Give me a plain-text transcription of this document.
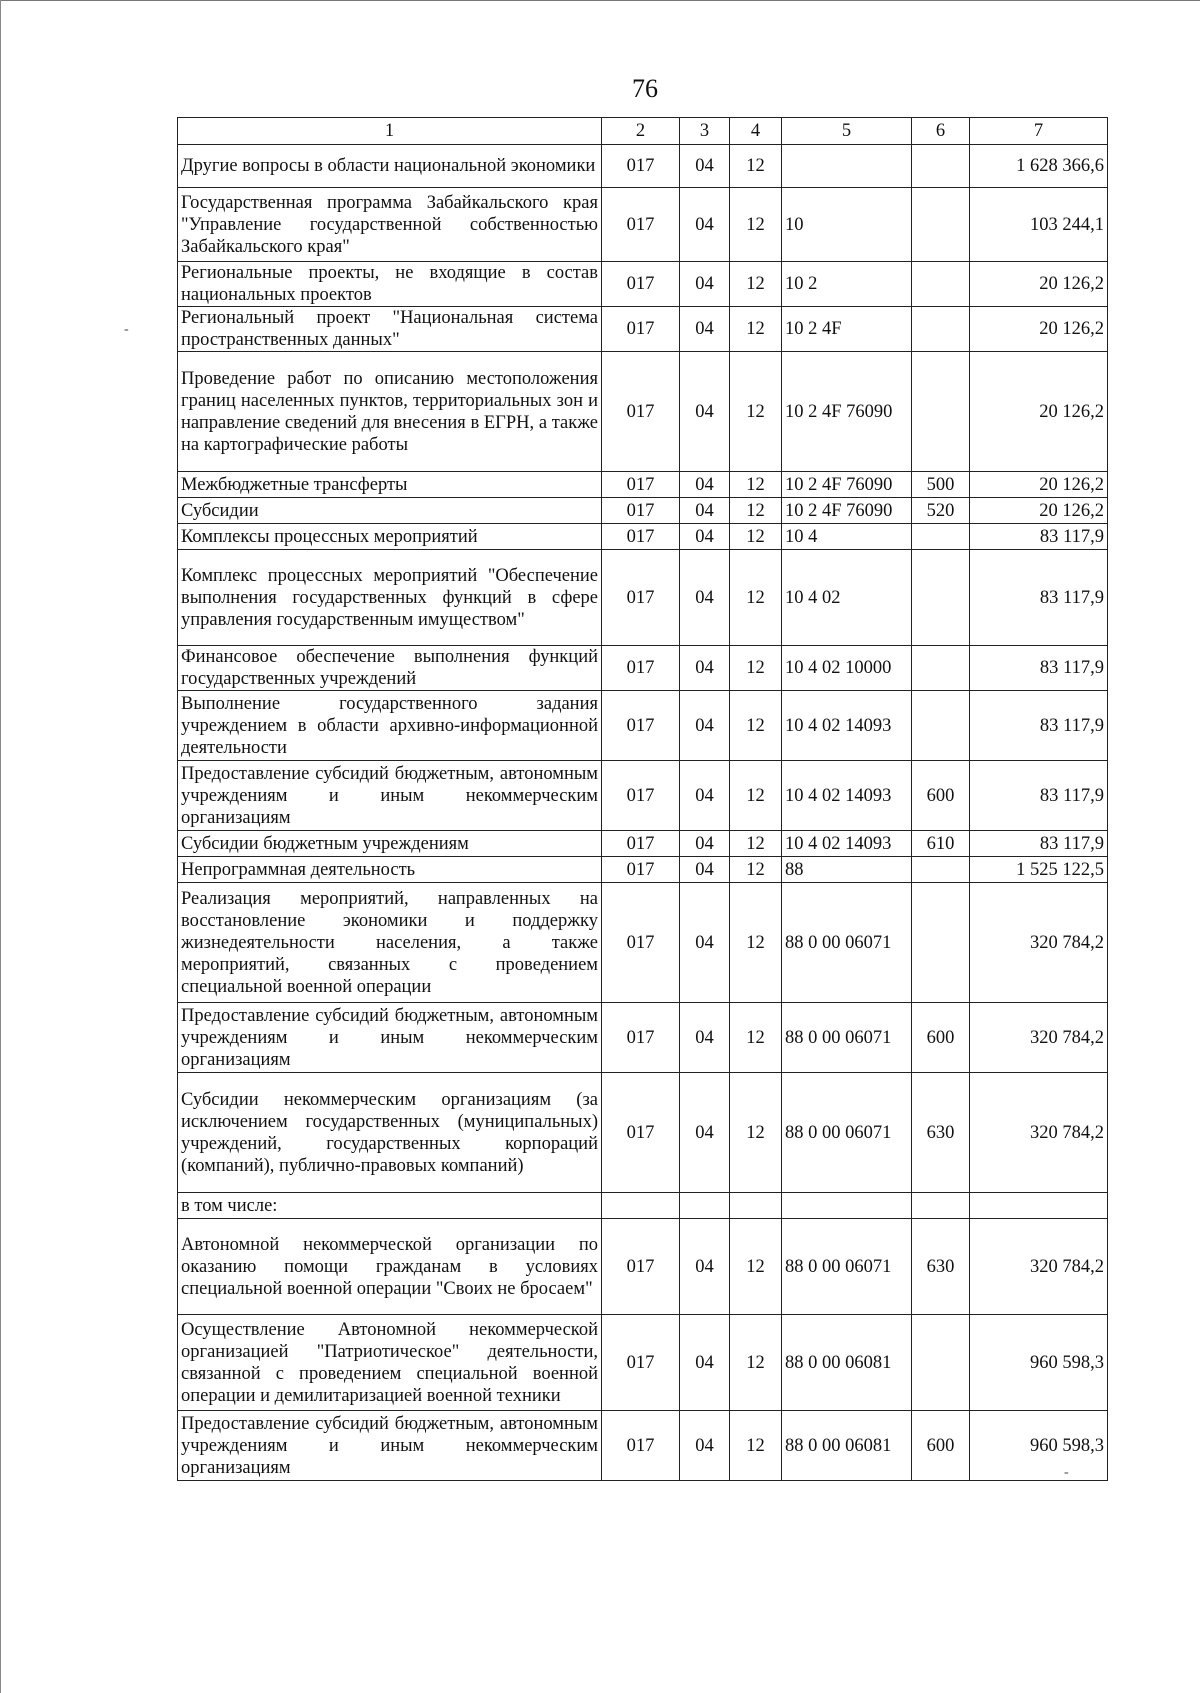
76
1	2	3	4	5	6	7
Другие вопросы в области национальной экономики	017	04	12			1 628 366,6
Государственная программа Забайкальского края "Управление государственной собственностью Забайкальского края"	017	04	12	10		103 244,1
Региональные проекты, не входящие в состав национальных проектов	017	04	12	10 2		20 126,2
Региональный проект "Национальная система пространственных данных"	017	04	12	10 2 4F		20 126,2
Проведение работ по описанию местоположения границ населенных пунктов, территориальных зон и направление сведений для внесения в ЕГРН, а также на картографические работы	017	04	12	10 2 4F 76090		20 126,2
Межбюджетные трансферты	017	04	12	10 2 4F 76090	500	20 126,2
Субсидии	017	04	12	10 2 4F 76090	520	20 126,2
Комплексы процессных мероприятий	017	04	12	10 4		83 117,9
Комплекс процессных мероприятий "Обеспечение выполнения государственных функций в сфере управления государственным имуществом"	017	04	12	10 4 02		83 117,9
Финансовое обеспечение выполнения функций государственных учреждений	017	04	12	10 4 02 10000		83 117,9
Выполнение государственного задания учреждением в области архивно-информационной деятельности	017	04	12	10 4 02 14093		83 117,9
Предоставление субсидий бюджетным, автономным учреждениям и иным некоммерческим организациям	017	04	12	10 4 02 14093	600	83 117,9
Субсидии бюджетным учреждениям	017	04	12	10 4 02 14093	610	83 117,9
Непрограммная деятельность	017	04	12	88		1 525 122,5
Реализация мероприятий, направленных на восстановление экономики и поддержку жизнедеятельности населения, а также мероприятий, связанных с проведением специальной военной операции	017	04	12	88 0 00 06071		320 784,2
Предоставление субсидий бюджетным, автономным учреждениям и иным некоммерческим организациям	017	04	12	88 0 00 06071	600	320 784,2
Субсидии некоммерческим организациям (за исключением государственных (муниципальных) учреждений, государственных корпораций (компаний), публично-правовых компаний)	017	04	12	88 0 00 06071	630	320 784,2
в том числе:						
Автономной некоммерческой организации по оказанию помощи гражданам в условиях специальной военной операции "Своих не бросаем"	017	04	12	88 0 00 06071	630	320 784,2
Осуществление Автономной некоммерческой организацией "Патриотическое" деятельности, связанной с проведением специальной военной операции и демилитаризацией военной техники	017	04	12	88 0 00 06081		960 598,3
Предоставление субсидий бюджетным, автономным учреждениям и иным некоммерческим организациям	017	04	12	88 0 00 06081	600	960 598,3
-
-
